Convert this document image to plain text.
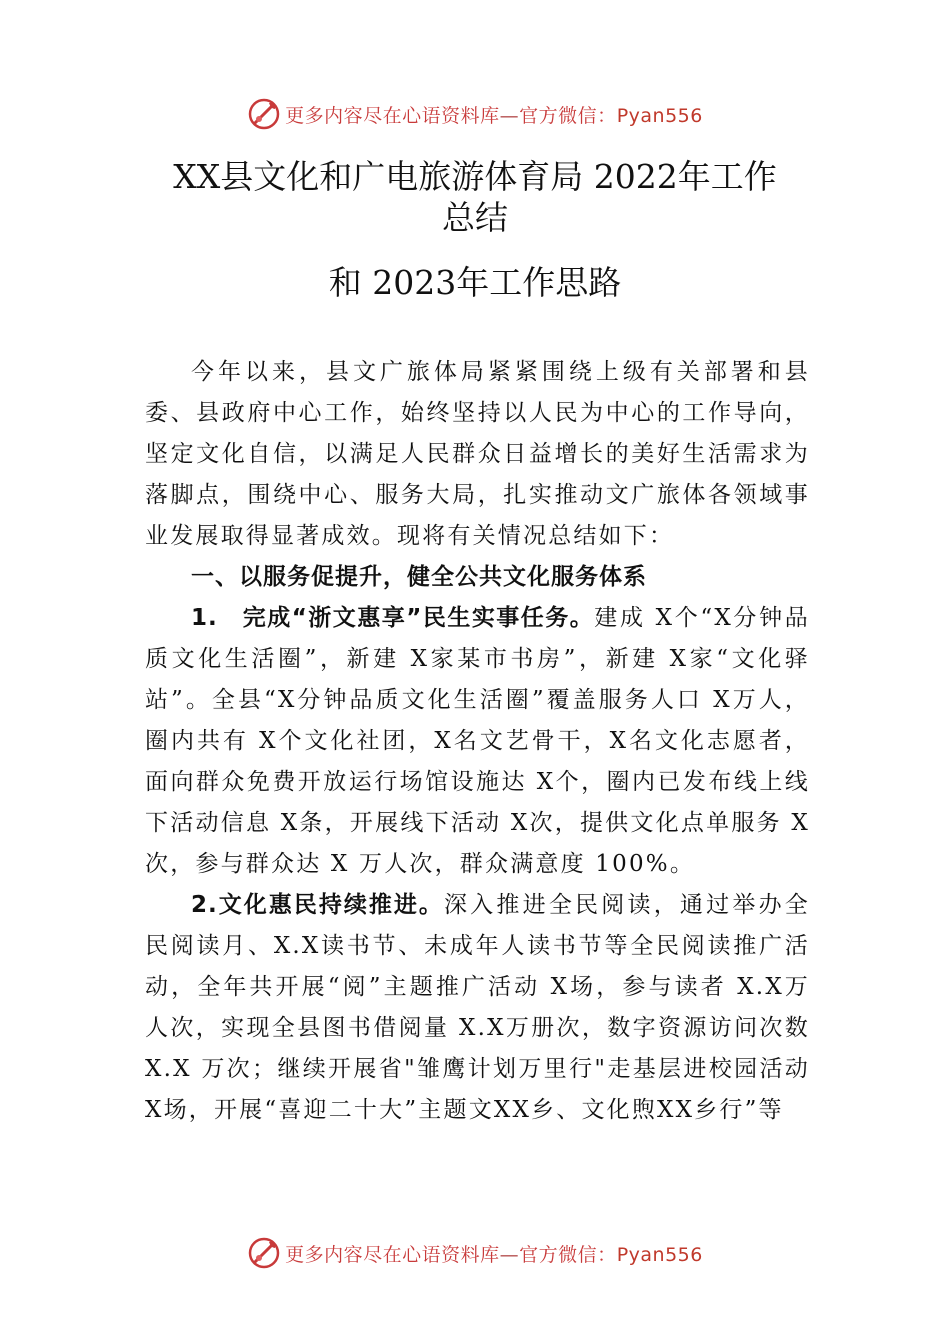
更多内容尽在心语资料库—官方微信：Pyan556
XX县文化和广电旅游体育局 2022年工作
总结
和 2023年工作思路

今年以来，县文广旅体局紧紧围绕上级有关部署和县委、县政府中心工作，始终坚持以人民为中心的工作导向，坚定文化自信，以满足人民群众日益增长的美好生活需求为落脚点，围绕中心、服务大局，扎实推动文广旅体各领域事业发展取得显著成效。现将有关情况总结如下：

一、以服务促提升，健全公共文化服务体系

1.　完成“浙文惠享”民生实事任务。建成 X个“X分钟品质文化生活圈”，新建 X家某市书房”，新建 X家“文化驿站”。全县“X分钟品质文化生活圈”覆盖服务人口 X万人，圈内共有 X个文化社团，X名文艺骨干，X名文化志愿者，面向群众免费开放运行场馆设施达 X个，圈内已发布线上线下活动信息 X条，开展线下活动 X次，提供文化点单服务 X 次，参与群众达 X 万人次，群众满意度 100%。

2.文化惠民持续推进。深入推进全民阅读，通过举办全民阅读月、X.X读书节、未成年人读书节等全民阅读推广活动，全年共开展“阅”主题推广活动 X场，参与读者 X.X万人次，实现全县图书借阅量 X.X万册次，数字资源访问次数 X.X 万次；继续开展省"雏鹰计划万里行"走基层进校园活动 X场，开展“喜迎二十大”主题文XX乡、文化煦XX乡行”等

更多内容尽在心语资料库—官方微信：Pyan556
